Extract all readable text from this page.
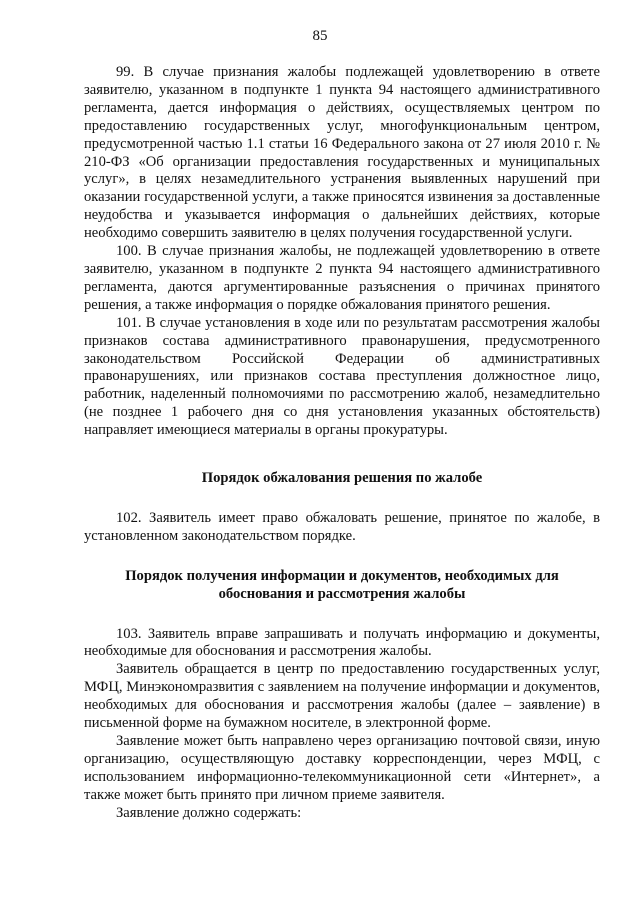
85

99. В случае признания жалобы подлежащей удовлетворению в ответе заявителю, указанном в подпункте 1 пункта 94 настоящего административного регламента, дается информация о действиях, осуществляемых центром по предоставлению государственных услуг, многофункциональным центром, предусмотренной частью 1.1 статьи 16 Федерального закона от 27 июля 2010 г. № 210-ФЗ «Об организации предоставления государственных и муниципальных услуг», в целях незамедлительного устранения выявленных нарушений при оказании государственной услуги, а также приносятся извинения за доставленные неудобства и указывается информация о дальнейших действиях, которые необходимо совершить заявителю в целях получения государственной услуги.

100. В случае признания жалобы, не подлежащей удовлетворению в ответе заявителю, указанном в подпункте 2 пункта 94 настоящего административного регламента, даются аргументированные разъяснения о причинах принятого решения, а также информация о порядке обжалования принятого решения.

101. В случае установления в ходе или по результатам рассмотрения жалобы признаков состава административного правонарушения, предусмотренного законодательством Российской Федерации об административных правонарушениях, или признаков состава преступления должностное лицо, работник, наделенный полномочиями по рассмотрению жалоб, незамедлительно (не позднее 1 рабочего дня со дня установления указанных обстоятельств) направляет имеющиеся материалы в органы прокуратуры.

Порядок обжалования решения по жалобе

102. Заявитель имеет право обжаловать решение, принятое по жалобе, в установленном законодательством порядке.

Порядок получения информации и документов, необходимых для
обоснования и рассмотрения жалобы

103. Заявитель вправе запрашивать и получать информацию и документы, необходимые для обоснования и рассмотрения жалобы.

Заявитель обращается в центр по предоставлению государственных услуг, МФЦ, Минэкономразвития с заявлением на получение информации и документов, необходимых для обоснования и рассмотрения жалобы (далее – заявление) в письменной форме на бумажном носителе, в электронной форме.

Заявление может быть направлено через организацию почтовой связи, иную организацию, осуществляющую доставку корреспонденции, через МФЦ, с использованием информационно-телекоммуникационной сети «Интернет», а также может быть принято при личном приеме заявителя.

Заявление должно содержать:
